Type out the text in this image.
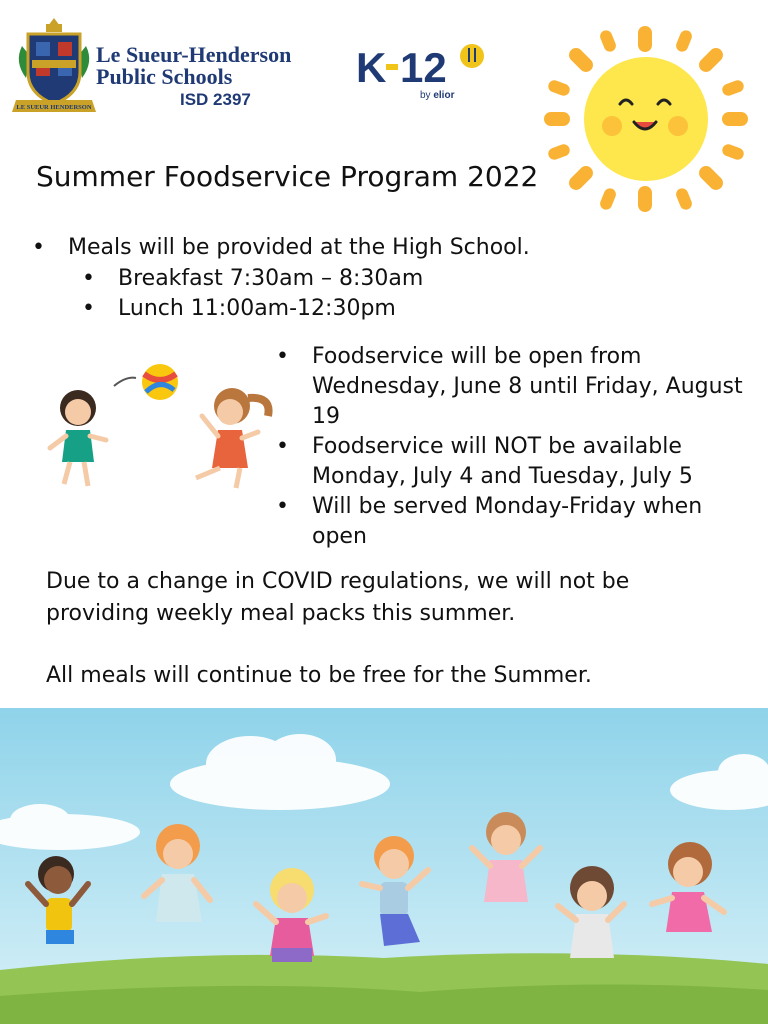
LE SUEUR HENDERSON
Le Sueur-Henderson
Public Schools
ISD 2397
K 12
by elior
Summer Foodservice Program 2022
• Meals will be provided at the High School.
• Breakfast 7:30am – 8:30am
• Lunch 11:00am-12:30pm
• Foodservice will be open from Wednesday, June 8 until Friday, August 19
• Foodservice will NOT be available Monday, July 4 and Tuesday, July 5
• Will be served Monday-Friday when open

Due to a change in COVID regulations, we will not be providing weekly meal packs this summer.

All meals will continue to be free for the Summer.
